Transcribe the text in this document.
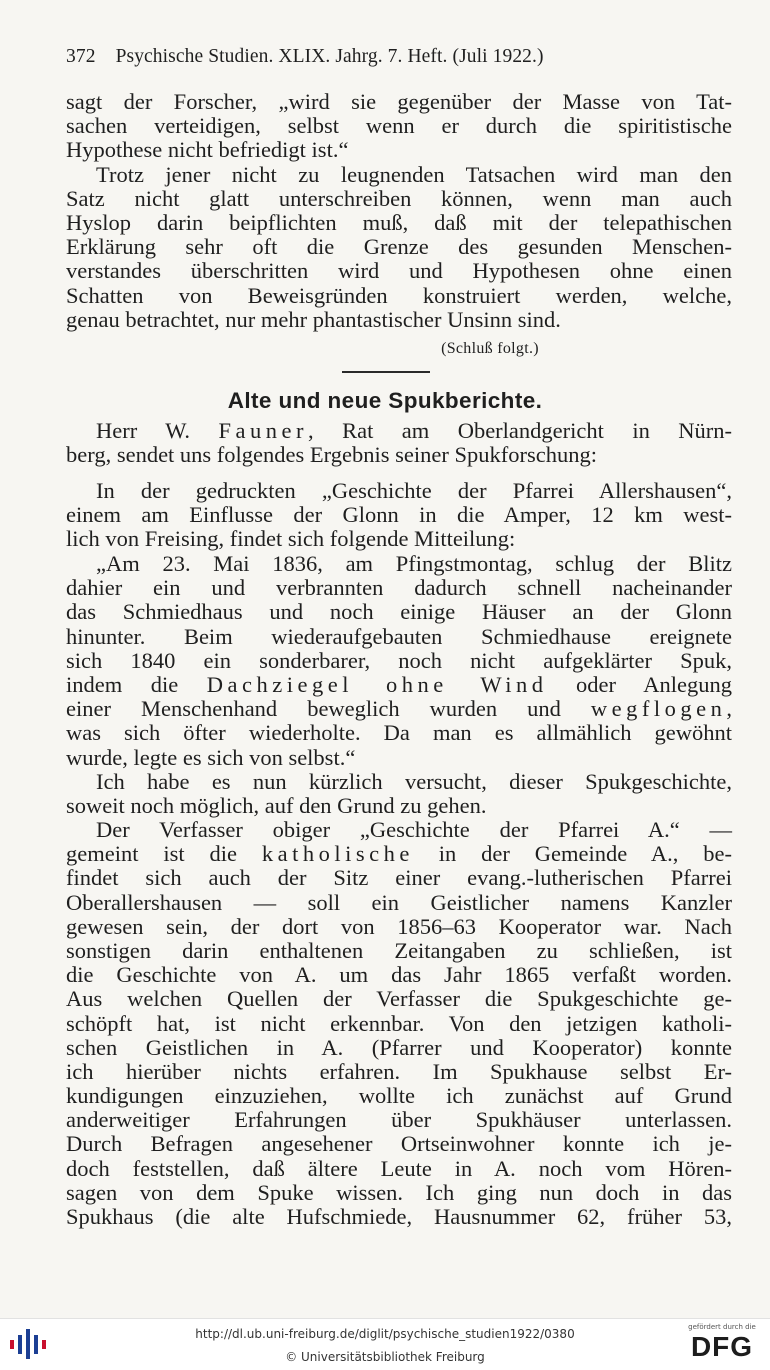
372 Psychische Studien. XLIX. Jahrg. 7. Heft. (Juli 1922.)
sagt der Forscher, „wird sie gegenüber der Masse von Tat-
sachen verteidigen, selbst wenn er durch die spiritistische
Hypothese nicht befriedigt ist.“
Trotz jener nicht zu leugnenden Tatsachen wird man den
Satz nicht glatt unterschreiben können, wenn man auch
Hyslop darin beipflichten muß, daß mit der telepathischen
Erklärung sehr oft die Grenze des gesunden Menschen-
verstandes überschritten wird und Hypothesen ohne einen
Schatten von Beweisgründen konstruiert werden, welche,
genau betrachtet, nur mehr phantastischer Unsinn sind.
(Schluß folgt.)
Alte und neue Spukberichte.
Herr W. Fauner, Rat am Oberlandgericht in Nürn-
berg, sendet uns folgendes Ergebnis seiner Spukforschung:
In der gedruckten „Geschichte der Pfarrei Allershausen“,
einem am Einflusse der Glonn in die Amper, 12 km west-
lich von Freising, findet sich folgende Mitteilung:
„Am 23. Mai 1836, am Pfingstmontag, schlug der Blitz
dahier ein und verbrannten dadurch schnell nacheinander
das Schmiedhaus und noch einige Häuser an der Glonn
hinunter. Beim wiederaufgebauten Schmiedhause ereignete
sich 1840 ein sonderbarer, noch nicht aufgeklärter Spuk,
indem die Dachziegel ohne Wind oder Anlegung
einer Menschenhand beweglich wurden und wegflogen,
was sich öfter wiederholte. Da man es allmählich gewöhnt
wurde, legte es sich von selbst.“
Ich habe es nun kürzlich versucht, dieser Spukgeschichte,
soweit noch möglich, auf den Grund zu gehen.
Der Verfasser obiger „Geschichte der Pfarrei A.“ —
gemeint ist die katholische in der Gemeinde A., be-
findet sich auch der Sitz einer evang.-lutherischen Pfarrei
Oberallershausen — soll ein Geistlicher namens Kanzler
gewesen sein, der dort von 1856–63 Kooperator war. Nach
sonstigen darin enthaltenen Zeitangaben zu schließen, ist
die Geschichte von A. um das Jahr 1865 verfaßt worden.
Aus welchen Quellen der Verfasser die Spukgeschichte ge-
schöpft hat, ist nicht erkennbar. Von den jetzigen katholi-
schen Geistlichen in A. (Pfarrer und Kooperator) konnte
ich hierüber nichts erfahren. Im Spukhause selbst Er-
kundigungen einzuziehen, wollte ich zunächst auf Grund
anderweitiger Erfahrungen über Spukhäuser unterlassen.
Durch Befragen angesehener Ortseinwohner konnte ich je-
doch feststellen, daß ältere Leute in A. noch vom Hören-
sagen von dem Spuke wissen. Ich ging nun doch in das
Spukhaus (die alte Hufschmiede, Hausnummer 62, früher 53,
http://dl.ub.uni-freiburg.de/diglit/psychische_studien1922/0380
© Universitätsbibliothek Freiburg
gefördert durch die
DFG
